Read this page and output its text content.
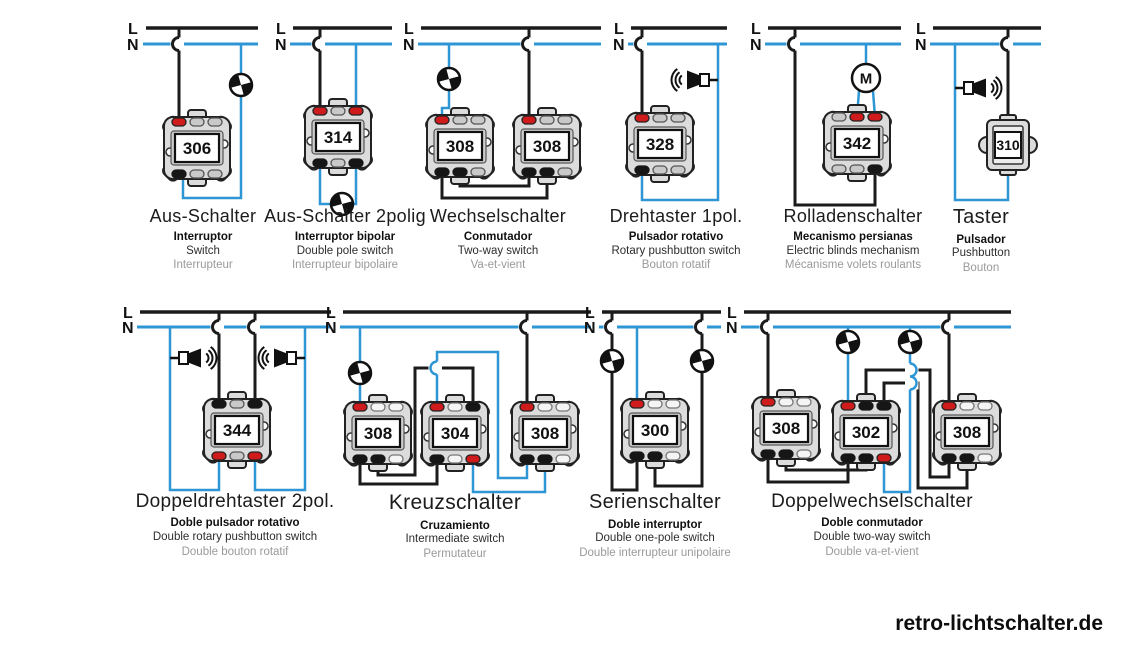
L
N
306
L
N
314
L
N
308	308
L
N
328
L
N
M
342
L
N
310
L
N
344
L
N
308	304	308
L
N
300
L
N
308	302	308
Aus-Schalter
Interruptor
Switch
Interrupteur
Aus-Schalter 2polig
Interruptor bipolar
Double pole switch
Interrupteur bipolaire
Wechselschalter
Conmutador
Two-way switch
Va-et-vient
Drehtaster 1pol.
Pulsador rotativo
Rotary pushbutton switch
Bouton rotatif
Rolladenschalter
Mecanismo persianas
Electric blinds mechanism
Mécanisme volets roulants
Taster
Pulsador
Pushbutton
Bouton
Doppeldrehtaster 2pol.
Doble pulsador rotativo
Double rotary pushbutton switch
Double bouton rotatif
Kreuzschalter
Cruzamiento
Intermediate switch
Permutateur
Serienschalter
Doble interruptor
Double one-pole switch
Double interrupteur unipolaire
Doppelwechselschalter
Doble conmutador
Double two-way switch
Double va-et-vient
retro-lichtschalter.de
